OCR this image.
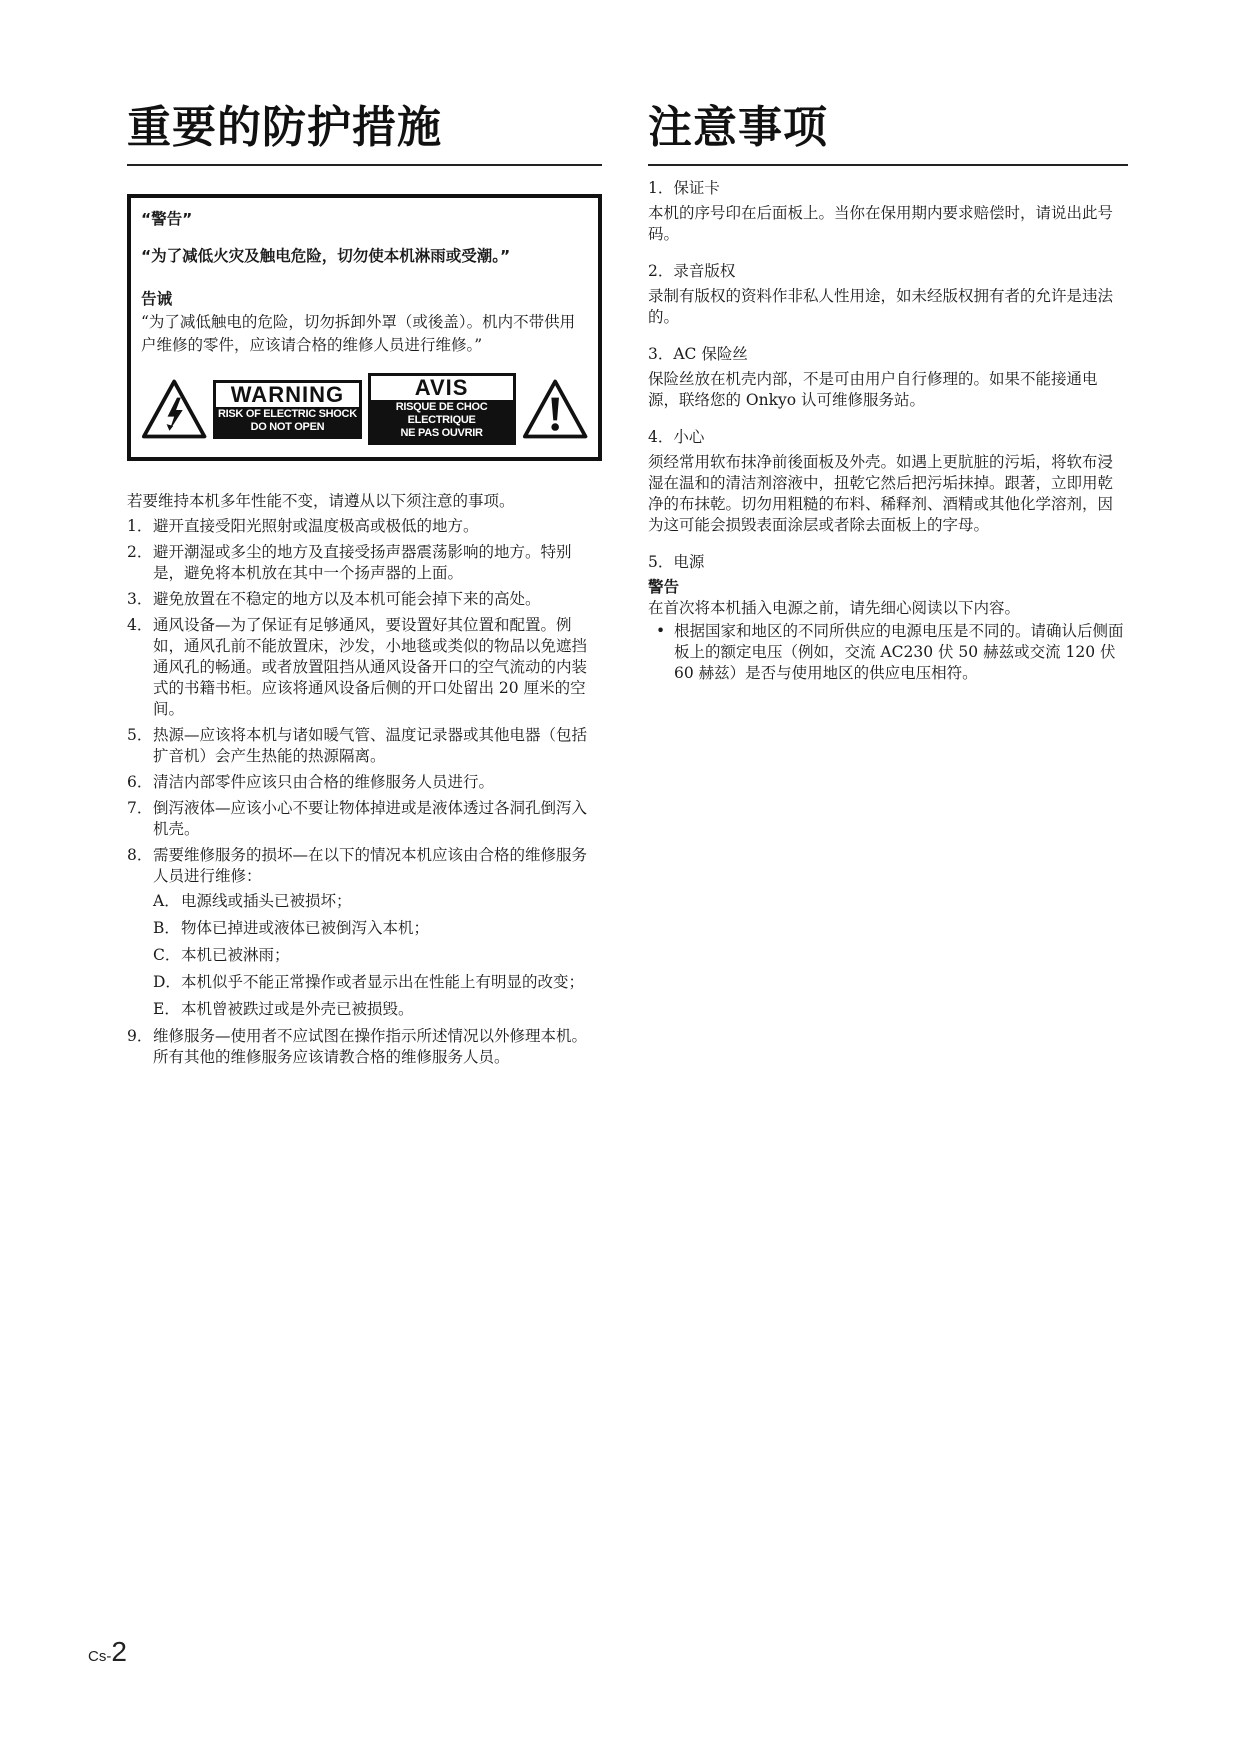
重要的防护措施

“警告”

“为了减低火灾及触电危险，切勿使本机淋雨或受潮。”

告诫

“为了减低触电的危险，切勿拆卸外罩（或後盖）。机内不带供用户维修的零件，应该请合格的维修人员进行维修。”

WARNING
RISK OF ELECTRIC SHOCK
DO NOT OPEN
AVIS
RISQUE DE CHOC ELECTRIQUE
NE PAS OUVRIR

若要维持本机多年性能不变，请遵从以下须注意的事项。

1． 避开直接受阳光照射或温度极高或极低的地方。
2． 避开潮湿或多尘的地方及直接受扬声器震荡影响的地方。特别是，避免将本机放在其中一个扬声器的上面。
3． 避免放置在不稳定的地方以及本机可能会掉下来的高处。
4． 通风设备—为了保证有足够通风，要设置好其位置和配置。例如，通风孔前不能放置床，沙发，小地毯或类似的物品以免遮挡通风孔的畅通。或者放置阻挡从通风设备开口的空气流动的内装式的书籍书柜。应该将通风设备后侧的开口处留出 20 厘米的空间。
5． 热源—应该将本机与诸如暖气管、温度记录器或其他电器（包括扩音机）会产生热能的热源隔离。
6． 清洁内部零件应该只由合格的维修服务人员进行。
7． 倒泻液体—应该小心不要让物体掉进或是液体透过各洞孔倒泻入机壳。
8． 需要维修服务的损坏—在以下的情况本机应该由合格的维修服务人员进行维修：
A． 电源线或插头已被损坏；
B． 物体已掉进或液体已被倒泻入本机；
C． 本机已被淋雨；
D． 本机似乎不能正常操作或者显示出在性能上有明显的改变；
E． 本机曾被跌过或是外壳已被损毁。
9． 维修服务—使用者不应试图在操作指示所述情况以外修理本机。所有其他的维修服务应该请教合格的维修服务人员。
注意事项
1．保证卡
本机的序号印在后面板上。当你在保用期内要求赔偿时，请说出此号码。
2．录音版权
录制有版权的资料作非私人性用途，如未经版权拥有者的允许是违法的。
3．AC 保险丝
保险丝放在机壳内部，不是可由用户自行修理的。如果不能接通电源，联络您的 Onkyo 认可维修服务站。
4．小心
须经常用软布抹净前後面板及外壳。如遇上更肮脏的污垢，将软布浸湿在温和的清洁剂溶液中，扭乾它然后把污垢抹掉。跟著，立即用乾净的布抹乾。切勿用粗糙的布料、稀释剂、酒精或其他化学溶剂，因为这可能会损毁表面涂层或者除去面板上的字母。
5．电源
警告
在首次将本机插入电源之前，请先细心阅读以下内容。
• 根据国家和地区的不同所供应的电源电压是不同的。请确认后侧面板上的额定电压（例如，交流 AC230 伏 50 赫兹或交流 120 伏 60 赫兹）是否与使用地区的供应电压相符。
Cs-2
